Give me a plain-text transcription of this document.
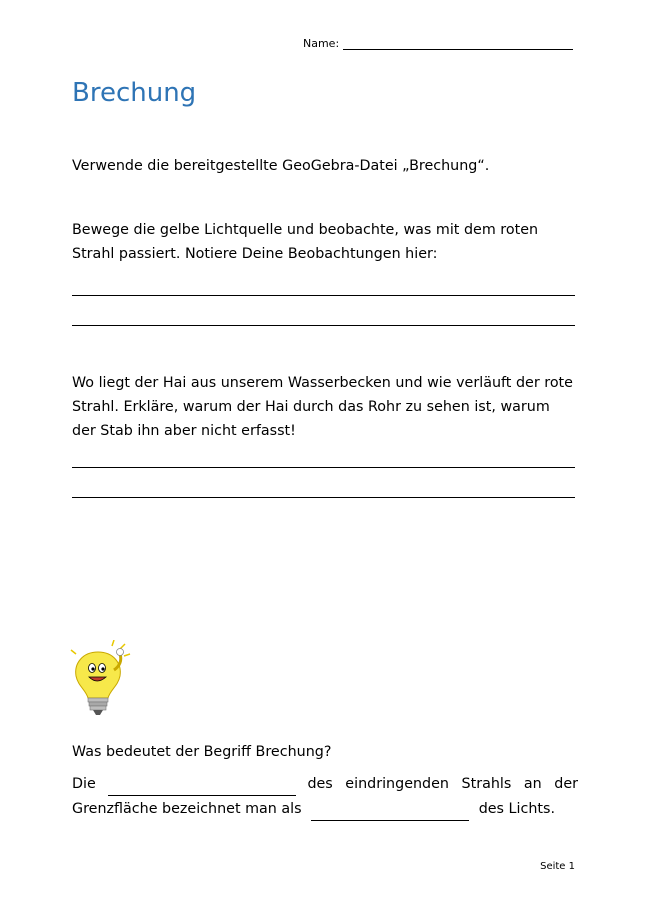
Name:
Brechung
Verwende die bereitgestellte GeoGebra-Datei „Brechung“.
Bewege die gelbe Lichtquelle und beobachte, was mit dem roten Strahl passiert. Notiere Deine Beobachtungen hier:
Wo liegt der Hai aus unserem Wasserbecken und wie verläuft der rote Strahl. Erkläre, warum der Hai durch das Rohr zu sehen ist, warum der Stab ihn aber nicht erfasst!
Was bedeutet der Begriff Brechung?
Die	des eindringenden Strahls an der
Grenzfläche bezeichnet man als	des Lichts.
Seite 1
